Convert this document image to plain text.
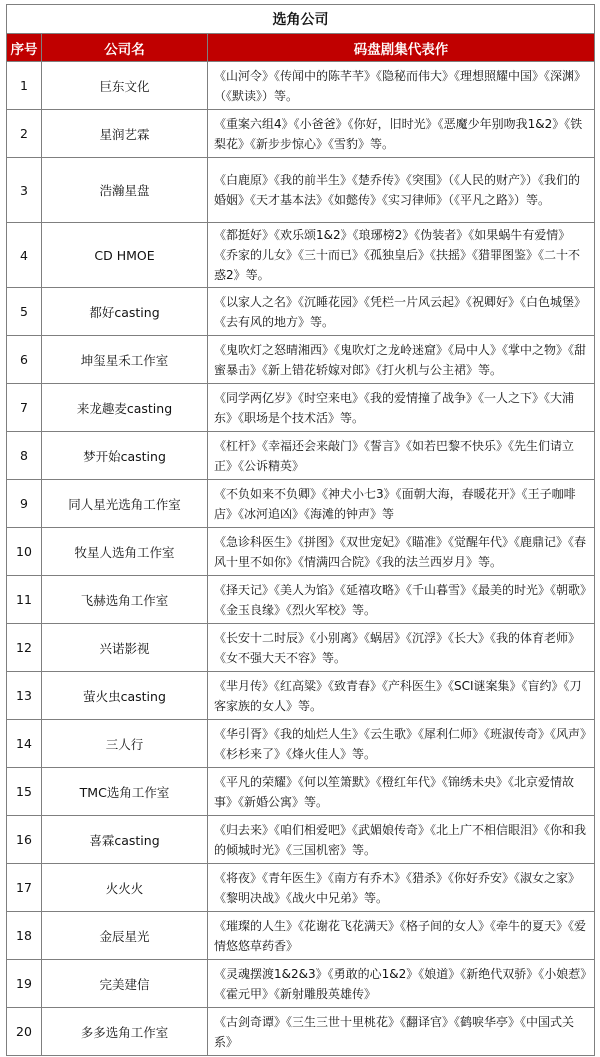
选角公司		
序号	公司名	码盘剧集代表作
1	巨东文化	《山河令》《传闻中的陈芊芊》《隐秘而伟大》《理想照耀中国》《深渊》（《默读》）等。
2	星润艺霖	《重案六组4》《小爸爸》《你好，旧时光》《恶魔少年别吻我1&2》《铁梨花》《新步步惊心》《雪豹》等。
3	浩瀚星盘	《白鹿原》《我的前半生》《楚乔传》《突围》（《人民的财产》）《我们的婚姻》《天才基本法》《如懿传》《实习律师》（《平凡之路》）等。
4	CD HMOE	《都挺好》《欢乐颂1&2》《琅琊榜2》《伪装者》《如果蜗牛有爱情》《乔家的儿女》《三十而已》《孤独皇后》《扶摇》《猎罪图鉴》《二十不惑2》等。
5	都好casting	《以家人之名》《沉睡花园》《凭栏一片风云起》《祝卿好》《白色城堡》《去有风的地方》等。
6	坤玺星禾工作室	《鬼吹灯之怒晴湘西》《鬼吹灯之龙岭迷窟》《局中人》《掌中之物》《甜蜜暴击》《新上错花轿嫁对郎》《打火机与公主裙》等。
7	来龙趣麦casting	《同学两亿岁》《时空来电》《我的爱情撞了战争》《一人之下》《大浦东》《职场是个技术活》等。
8	梦开始casting	《杠杆》《幸福还会来敲门》《誓言》《如若巴黎不快乐》《先生们请立正》《公诉精英》
9	同人星光选角工作室	《不负如来不负卿》《神犬小七3》《面朝大海，春暖花开》《王子咖啡店》《冰河追凶》《海滩的钟声》等
10	牧星人选角工作室	《急诊科医生》《拼图》《双世宠妃》《瞄准》《觉醒年代》《鹿鼎记》《春风十里不如你》《情满四合院》《我的法兰西岁月》等。
11	飞赫选角工作室	《择天记》《美人为馅》《延禧攻略》《千山暮雪》《最美的时光》《朝歌》《金玉良缘》《烈火军校》等。
12	兴诺影视	《长安十二时辰》《小别离》《蜗居》《沉浮》《长大》《我的体育老师》《女不强大天不容》等。
13	萤火虫casting	《芈月传》《红高粱》《致青春》《产科医生》《SCI谜案集》《盲约》《刀客家族的女人》等。
14	三人行	《华引胥》《我的灿烂人生》《云生歌》《犀利仁师》《班淑传奇》《风声》《杉杉来了》《烽火佳人》等。
15	TMC选角工作室	《平凡的荣耀》《何以笙箫默》《橙红年代》《锦绣未央》《北京爱情故事》《新婚公寓》等。
16	喜霖casting	《归去来》《咱们相爱吧》《武媚娘传奇》《北上广不相信眼泪》《你和我的倾城时光》《三国机密》等。
17	火火火	《将夜》《青年医生》《南方有乔木》《猎杀》《你好乔安》《淑女之家》《黎明决战》《战火中兄弟》等。
18	金辰星光	《璀璨的人生》《花谢花飞花满天》《格子间的女人》《牵牛的夏天》《爱情悠悠草药香》
19	完美建信	《灵魂摆渡1&2&3》《勇敢的心1&2》《娘道》《新绝代双骄》《小娘惹》《霍元甲》《新射雕殷英雄传》
20	多多选角工作室	《古剑奇谭》《三生三世十里桃花》《翻译官》《鹤唳华亭》《中国式关系》
